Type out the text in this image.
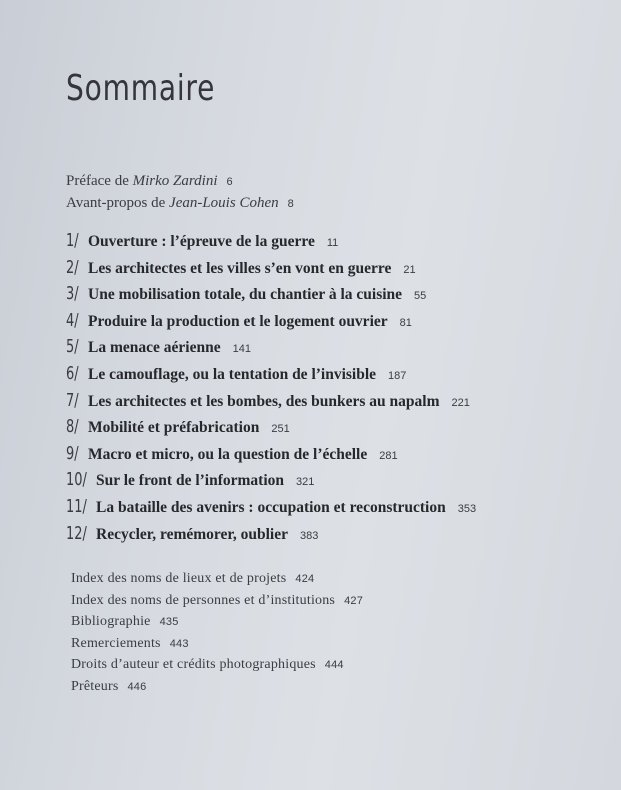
Sommaire
Préface de Mirko Zardini 6
Avant-propos de Jean-Louis Cohen 8
1/ Ouverture : l’épreuve de la guerre 11
2/ Les architectes et les villes s’en vont en guerre 21
3/ Une mobilisation totale, du chantier à la cuisine 55
4/ Produire la production et le logement ouvrier 81
5/ La menace aérienne 141
6/ Le camouflage, ou la tentation de l’invisible 187
7/ Les architectes et les bombes, des bunkers au napalm 221
8/ Mobilité et préfabrication 251
9/ Macro et micro, ou la question de l’échelle 281
10/ Sur le front de l’information 321
11/ La bataille des avenirs : occupation et reconstruction 353
12/ Recycler, remémorer, oublier 383
Index des noms de lieux et de projets 424
Index des noms de personnes et d’institutions 427
Bibliographie 435
Remerciements 443
Droits d’auteur et crédits photographiques 444
Prêteurs 446
